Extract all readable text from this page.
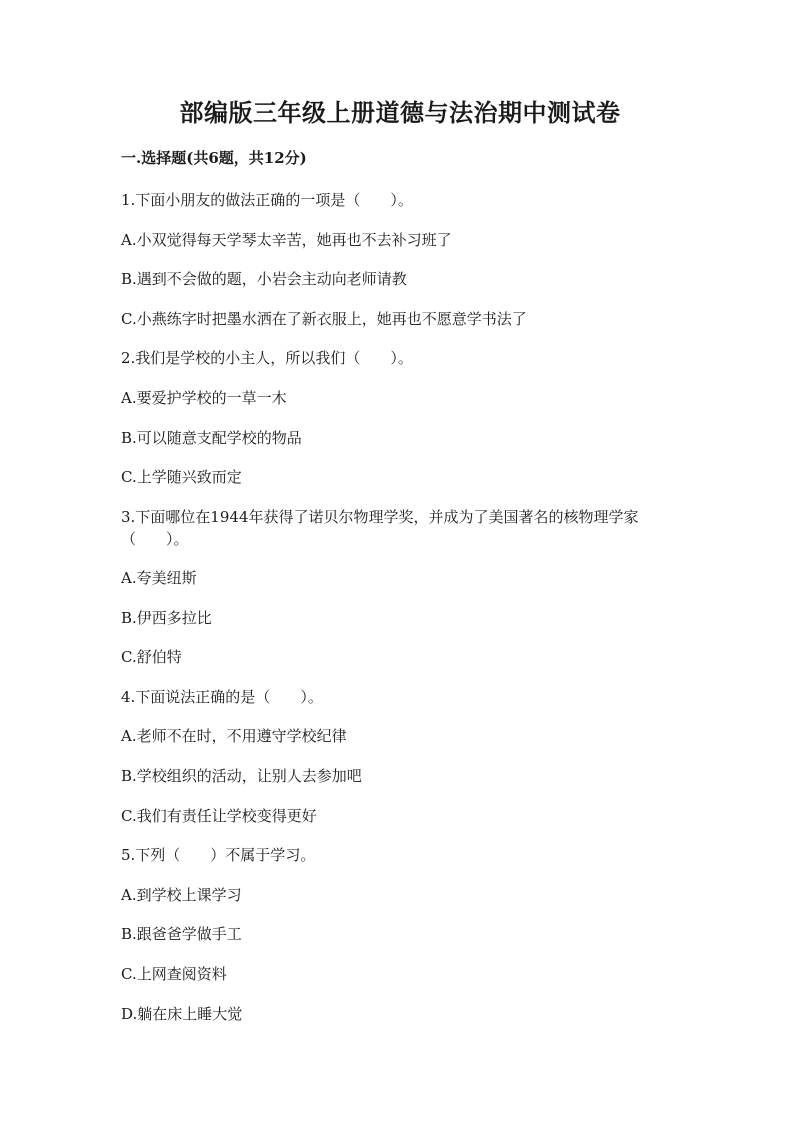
部编版三年级上册道德与法治期中测试卷
一.选择题(共6题，共12分)
1.下面小朋友的做法正确的一项是（　　）。
A.小双觉得每天学琴太辛苦，她再也不去补习班了
B.遇到不会做的题，小岩会主动向老师请教
C.小燕练字时把墨水洒在了新衣服上，她再也不愿意学书法了
2.我们是学校的小主人，所以我们（　　）。
A.要爱护学校的一草一木
B.可以随意支配学校的物品
C.上学随兴致而定
3.下面哪位在1944年获得了诺贝尔物理学奖，并成为了美国著名的核物理学家
（　　）。
A.夸美纽斯
B.伊西多拉比
C.舒伯特
4.下面说法正确的是（　　）。
A.老师不在时，不用遵守学校纪律
B.学校组织的活动，让别人去参加吧
C.我们有责任让学校变得更好
5.下列（　　）不属于学习。
A.到学校上课学习
B.跟爸爸学做手工
C.上网查阅资料
D.躺在床上睡大觉
